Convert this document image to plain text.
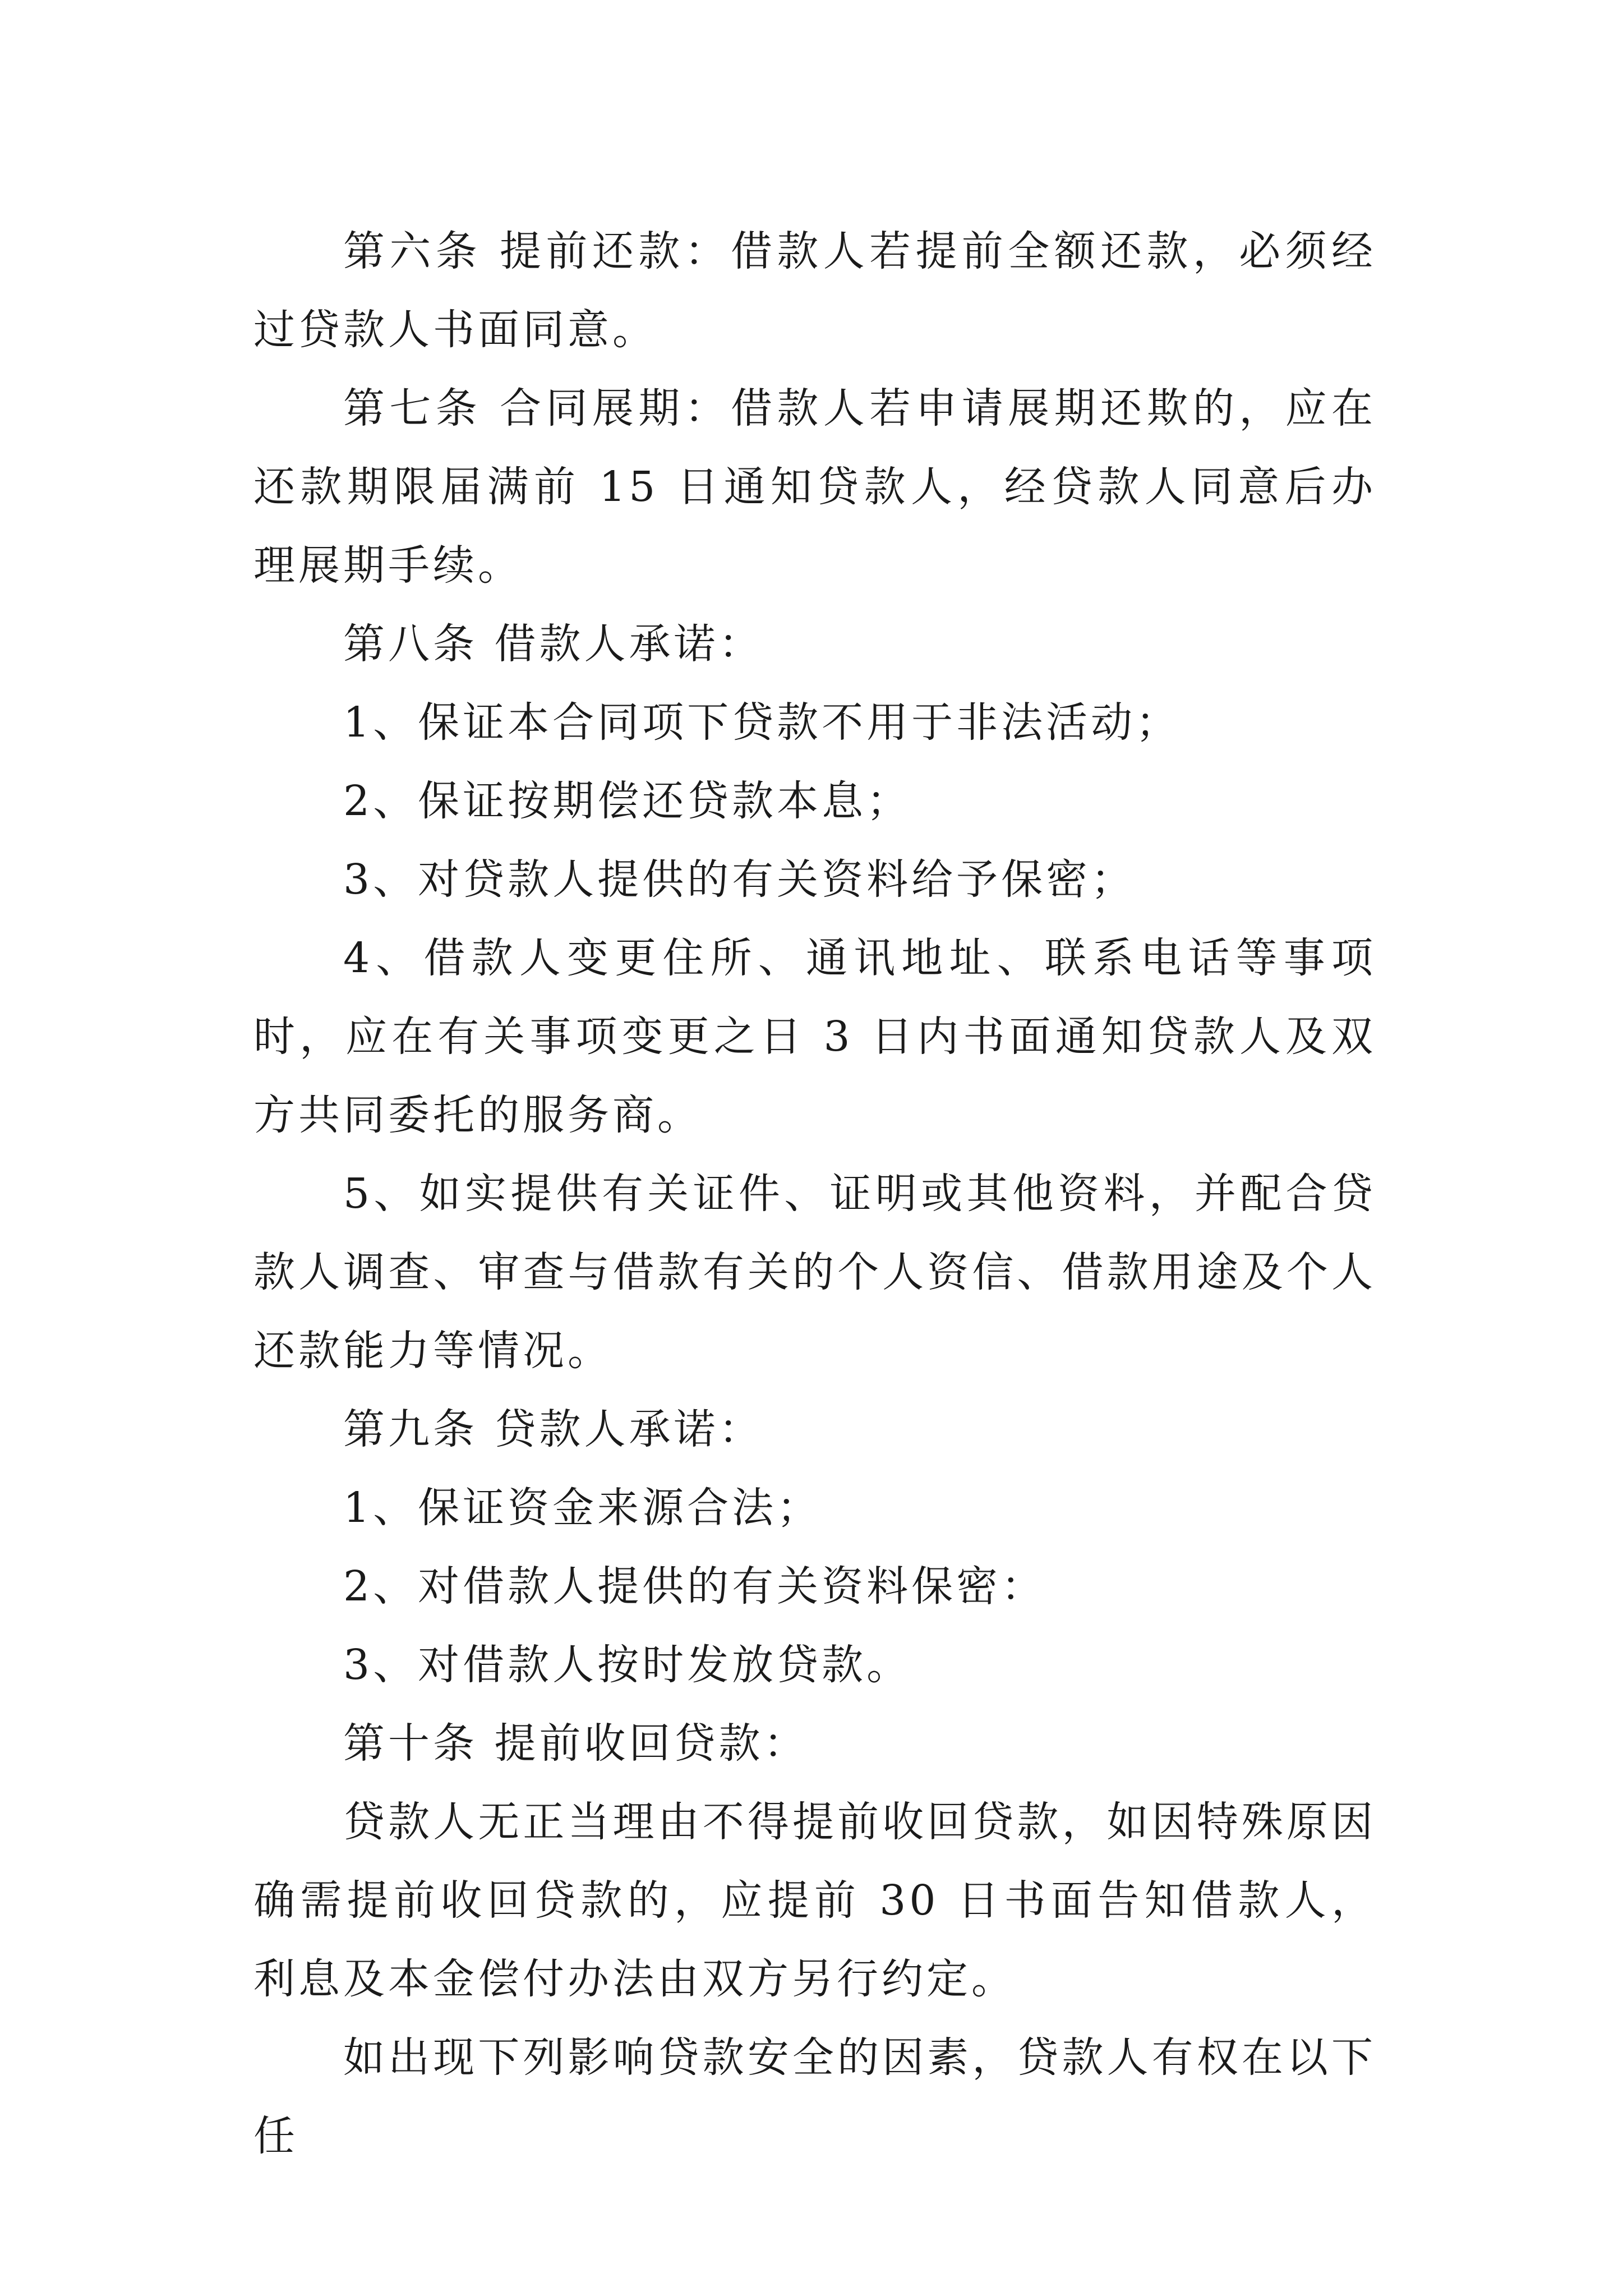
第六条 提前还款：借款人若提前全额还款，必须经过贷款人书面同意。

第七条 合同展期：借款人若申请展期还欺的，应在还款期限届满前 15 日通知贷款人，经贷款人同意后办理展期手续。

第八条 借款人承诺：

1、保证本合同项下贷款不用于非法活动；

2、保证按期偿还贷款本息；

3、对贷款人提供的有关资料给予保密；

4、借款人变更住所、通讯地址、联系电话等事项时，应在有关事项变更之日 3 日内书面通知贷款人及双方共同委托的服务商。

5、如实提供有关证件、证明或其他资料，并配合贷款人调查、审查与借款有关的个人资信、借款用途及个人还款能力等情况。

第九条 贷款人承诺：

1、保证资金来源合法；

2、对借款人提供的有关资料保密：

3、对借款人按时发放贷款。

第十条 提前收回贷款：

贷款人无正当理由不得提前收回贷款，如因特殊原因确需提前收回贷款的，应提前 30 日书面告知借款人，利息及本金偿付办法由双方另行约定。

如出现下列影响贷款安全的因素，贷款人有权在以下任
